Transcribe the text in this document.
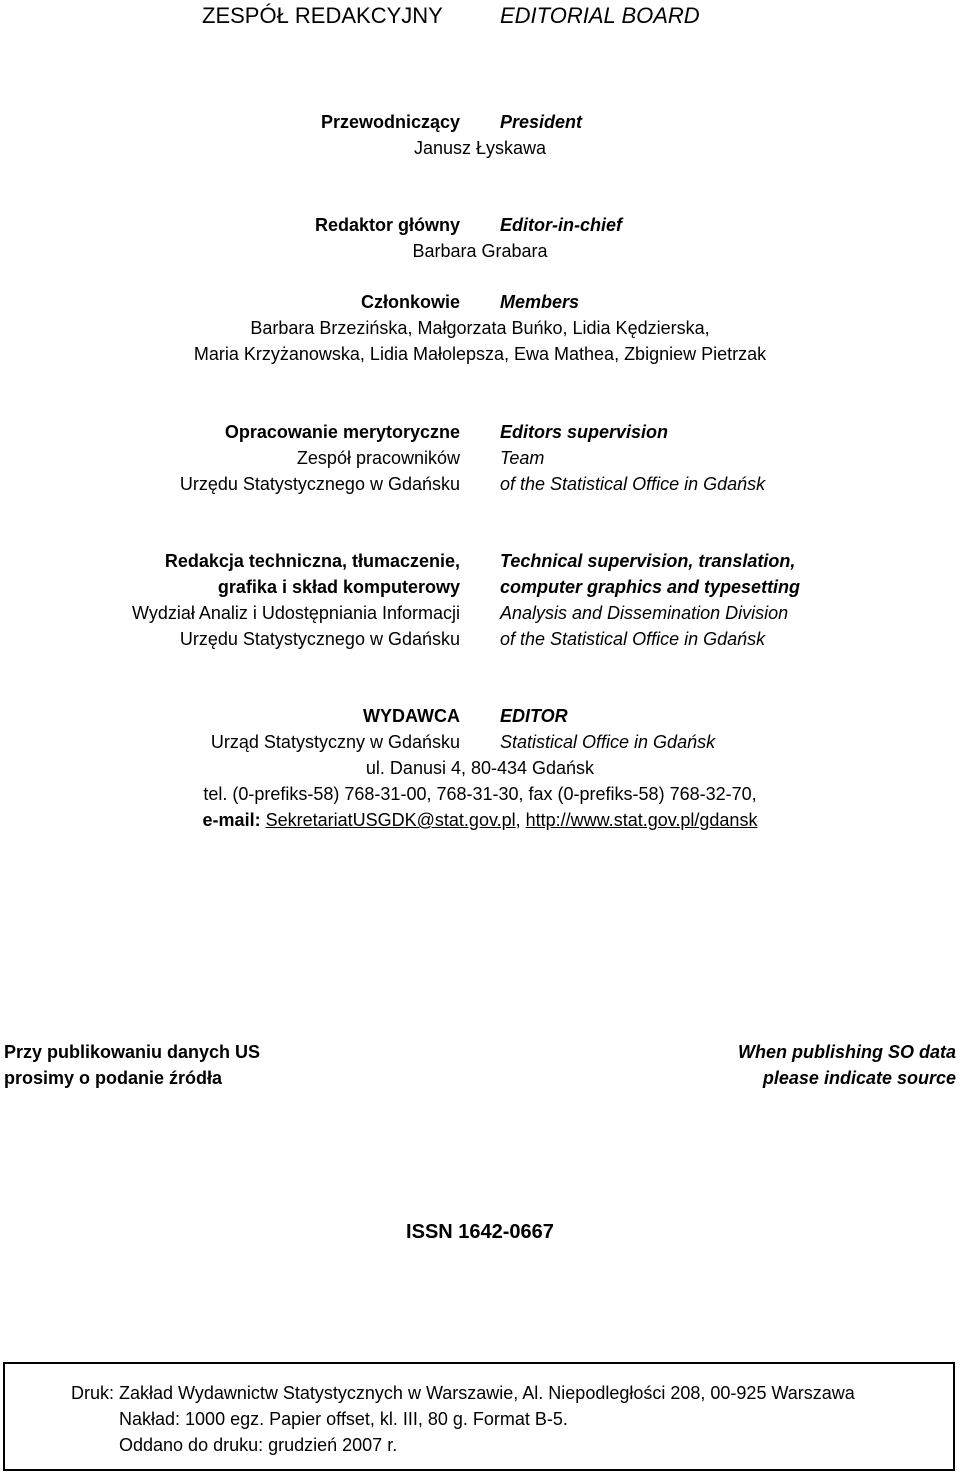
ZESPÓŁ REDAKCYJNY	EDITORIAL BOARD
Przewodniczący President
Janusz Łyskawa
Redaktor główny Editor-in-chief
Barbara Grabara
Członkowie Members
Barbara Brzezińska, Małgorzata Buńko, Lidia Kędzierska,
Maria Krzyżanowska, Lidia Małolepsza, Ewa Mathea, Zbigniew Pietrzak
Opracowanie merytoryczne
Zespół pracowników
Urzędu Statystycznego w Gdańsku
Editors supervision
Team
of the Statistical Office in Gdańsk
Redakcja techniczna, tłumaczenie,
grafika i skład komputerowy
Wydział Analiz i Udostępniania Informacji
Urzędu Statystycznego w Gdańsku
Technical supervision, translation,
computer graphics and typesetting
Analysis and Dissemination Division
of the Statistical Office in Gdańsk
WYDAWCA EDITOR
Urząd Statystyczny w Gdańsku Statistical Office in Gdańsk
ul. Danusi 4, 80-434 Gdańsk
tel. (0-prefiks-58) 768-31-00, 768-31-30, fax (0-prefiks-58) 768-32-70,
e-mail: SekretariatUSGDK@stat.gov.pl, http://www.stat.gov.pl/gdansk
Przy publikowaniu danych US
prosimy o podanie źródła
When publishing SO data
please indicate source
ISSN 1642-0667
Druk: Zakład Wydawnictw Statystycznych w Warszawie, Al. Niepodległości 208, 00-925 Warszawa
Nakład: 1000 egz. Papier offset, kl. III, 80 g. Format B-5.
Oddano do druku: grudzień 2007 r.
